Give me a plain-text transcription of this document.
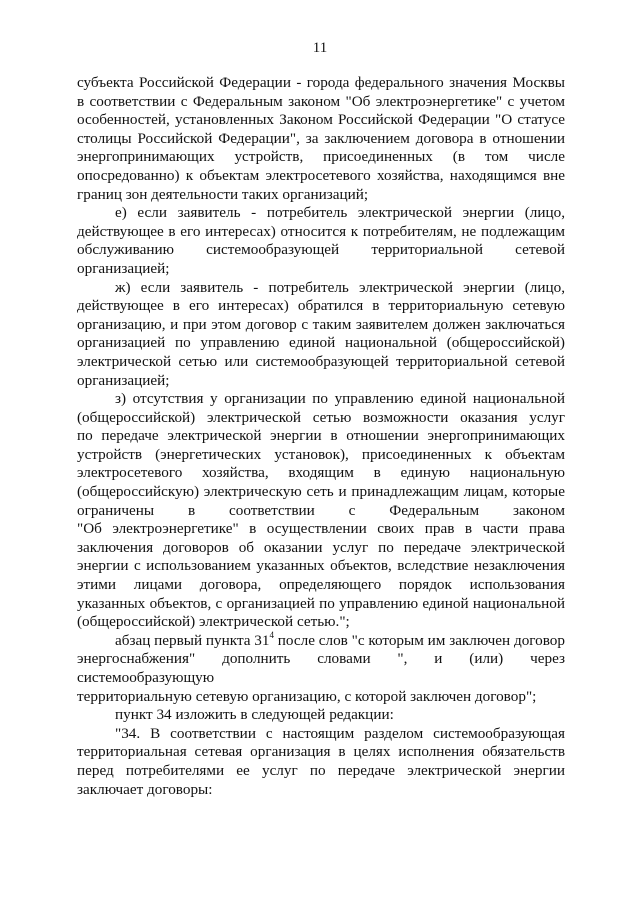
11
субъекта Российской Федерации - города федерального значения Москвы
в соответствии с Федеральным законом "Об электроэнергетике" с учетом
особенностей, установленных Законом Российской Федерации "О статусе
столицы Российской Федерации", за заключением договора в отношении
энергопринимающих устройств, присоединенных (в том числе
опосредованно) к объектам электросетевого хозяйства, находящимся вне
границ зон деятельности таких организаций;
е) если заявитель - потребитель электрической энергии (лицо,
действующее в его интересах) относится к потребителям, не подлежащим
обслуживанию системообразующей территориальной сетевой
организацией;
ж) если заявитель - потребитель электрической энергии (лицо,
действующее в его интересах) обратился в территориальную сетевую
организацию, и при этом договор с таким заявителем должен заключаться
организацией по управлению единой национальной (общероссийской)
электрической сетью или системообразующей территориальной сетевой
организацией;
з) отсутствия у организации по управлению единой национальной
(общероссийской) электрической сетью возможности оказания услуг
по передаче электрической энергии в отношении энергопринимающих
устройств (энергетических установок), присоединенных к объектам
электросетевого хозяйства, входящим в единую национальную
(общероссийскую) электрическую сеть и принадлежащим лицам, которые
ограничены в соответствии с Федеральным законом
"Об электроэнергетике" в осуществлении своих прав в части права
заключения договоров об оказании услуг по передаче электрической
энергии с использованием указанных объектов, вследствие незаключения
этими лицами договора, определяющего порядок использования
указанных объектов, с организацией по управлению единой национальной
(общероссийской) электрической сетью.";
абзац первый пункта $31^4$ после слов "с которым им заключен договор
энергоснабжения" дополнить словами ", и (или) через системообразующую
территориальную сетевую организацию, с которой заключен договор";
пункт 34 изложить в следующей редакции:
"34. В соответствии с настоящим разделом системообразующая
территориальная сетевая организация в целях исполнения обязательств
перед потребителями ее услуг по передаче электрической энергии
заключает договоры:
